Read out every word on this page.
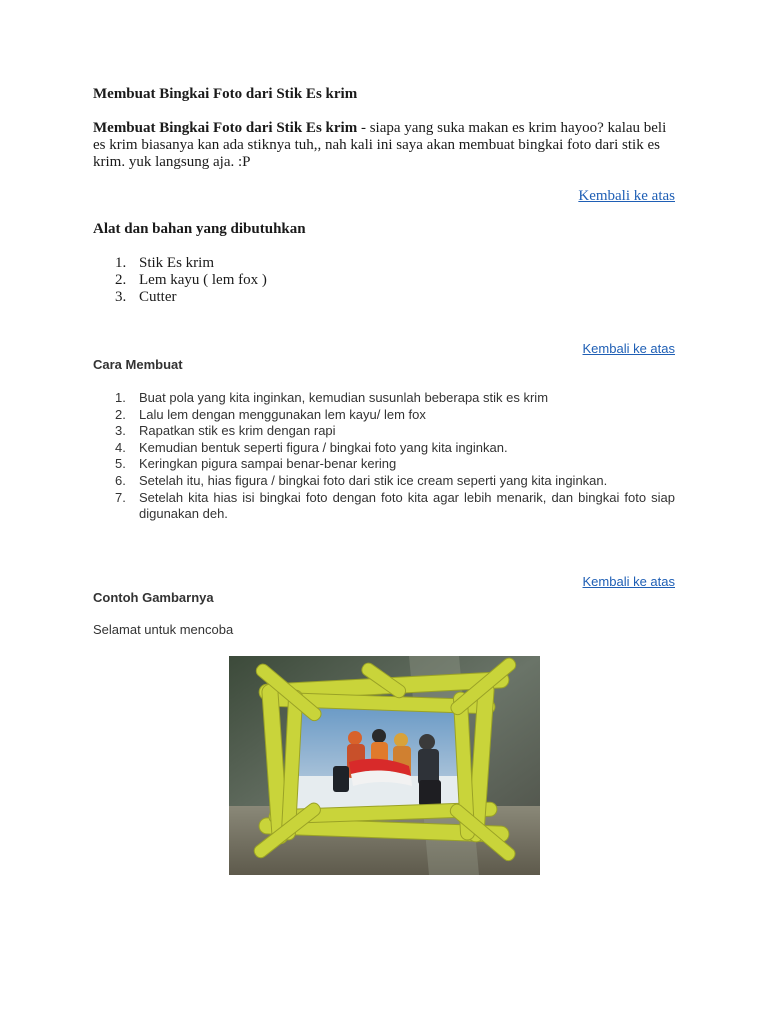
Membuat Bingkai Foto dari Stik Es krim
Membuat Bingkai Foto dari Stik Es krim - siapa yang suka makan es krim hayoo? kalau beli es krim biasanya kan ada stiknya tuh,, nah kali ini saya akan membuat bingkai foto dari stik es krim. yuk langsung aja. :P
Kembali ke atas
Alat dan bahan yang dibutuhkan
1. Stik Es krim
2. Lem kayu ( lem fox )
3. Cutter
Kembali ke atas
Cara Membuat
1. Buat pola yang kita inginkan, kemudian susunlah beberapa stik es krim
2. Lalu lem dengan menggunakan lem kayu/ lem fox
3. Rapatkan stik es krim dengan rapi
4. Kemudian bentuk seperti figura / bingkai foto yang kita inginkan.
5. Keringkan pigura sampai benar-benar kering
6. Setelah itu, hias figura / bingkai foto dari stik ice cream seperti yang kita inginkan.
7. Setelah kita hias isi bingkai foto dengan foto kita agar lebih menarik, dan bingkai foto siap digunakan deh.
Kembali ke atas
Contoh Gambarnya
Selamat untuk mencoba
